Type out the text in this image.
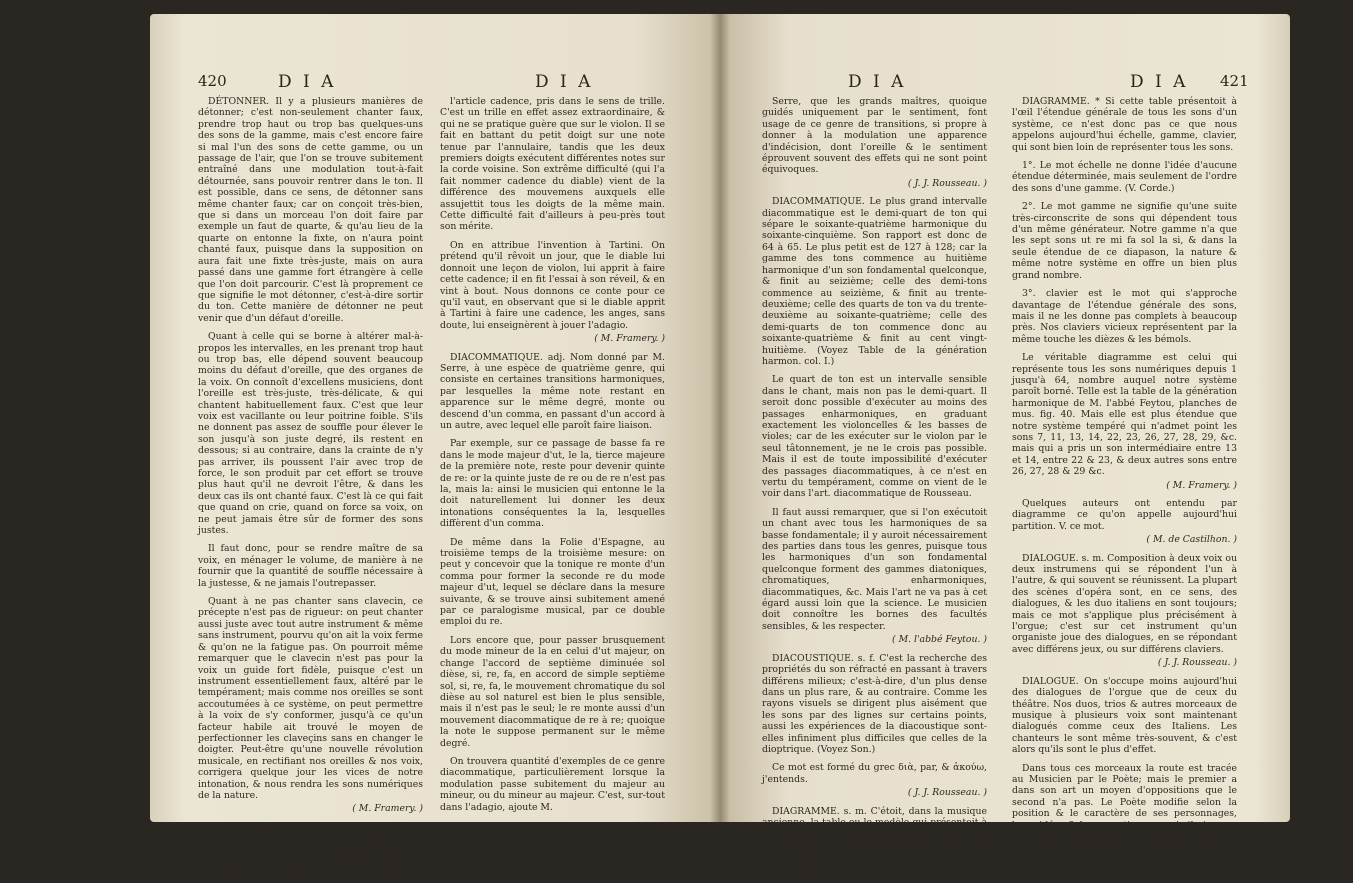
420	D I A	D I A

DÉTONNER. Il y a plusieurs manières de détonner; c'est non-seulement chanter faux, prendre trop haut ou trop bas quelques-uns des sons de la gamme, mais c'est encore faire si mal l'un des sons de cette gamme, ou un passage de l'air, que l'on se trouve subitement entraîné dans une modulation tout-à-fait détournée, sans pouvoir rentrer dans le ton. Il est possible, dans ce sens, de détonner sans même chanter faux; car on conçoit très-bien, que si dans un morceau l'on doit faire par exemple un faut de quarte, & qu'au lieu de la quarte on entonne la fixte, on n'aura point chanté faux, puisque dans la supposition on aura fait une fixte très-juste, mais on aura passé dans une gamme fort étrangère à celle que l'on doit parcourir. C'est là proprement ce que signifie le mot détonner, c'est-à-dire sortir du ton. Cette manière de détonner ne peut venir que d'un défaut d'oreille.

Quant à celle qui se borne à altérer mal-à-propos les intervalles, en les prenant trop haut ou trop bas, elle dépend souvent beaucoup moins du défaut d'oreille, que des organes de la voix. On connoît d'excellens musiciens, dont l'oreille est très-juste, très-délicate, & qui chantent habituellement faux. C'est que leur voix est vacillante ou leur poitrine foible. S'ils ne donnent pas assez de souffle pour élever le son jusqu'à son juste degré, ils restent en dessous; si au contraire, dans la crainte de n'y pas arriver, ils poussent l'air avec trop de force, le son produit par cet effort se trouve plus haut qu'il ne devroit l'être, & dans les deux cas ils ont chanté faux. C'est là ce qui fait que quand on crie, quand on force sa voix, on ne peut jamais être sûr de former des sons justes.

Il faut donc, pour se rendre maître de sa voix, en ménager le volume, de manière à ne fournir que la quantité de souffle nécessaire à la justesse, & ne jamais l'outrepasser.

Quant à ne pas chanter sans clavecin, ce précepte n'est pas de rigueur: on peut chanter aussi juste avec tout autre instrument & même sans instrument, pourvu qu'on ait la voix ferme & qu'on ne la fatigue pas. On pourroit même remarquer que le clavecin n'est pas pour la voix un guide fort fidèle, puisque c'est un instrument essentiellement faux, altéré par le tempérament; mais comme nos oreilles se sont accoutumées à ce système, on peut permettre à la voix de s'y conformer, jusqu'à ce qu'un facteur habile ait trouvé le moyen de perfectionner les claveçins sans en changer le doigter. Peut-être qu'une nouvelle révolution musicale, en rectifiant nos oreilles & nos voix, corrigera quelque jour les vices de notre intonation, & nous rendra les sons numériques de la nature.

( M. Framery. )

DEUX-QUARTS. Mesure qui contient deux noires, qui se marque 2/4. (Voyez Mesure.)

( M. de Castilhon. )

DIABLE. (Cadence du) Ce mot a été oublié à

l'article cadence, pris dans le sens de trille. C'est un trille en effet assez extraordinaire, & qui ne se pratique guère que sur le violon. Il se fait en battant du petit doigt sur une note tenue par l'annulaire, tandis que les deux premiers doigts exécutent différentes notes sur la corde voisine. Son extrême difficulté (qui l'a fait nommer cadence du diable) vient de la différence des mouvemens auxquels elle assujettit tous les doigts de la même main. Cette difficulté fait d'ailleurs à peu-près tout son mérite.

On en attribue l'invention à Tartini. On prétend qu'il rêvoit un jour, que le diable lui donnoit une leçon de violon, lui apprit à faire cette cadence; il en fit l'essai à son réveil, & en vint à bout. Nous donnons ce conte pour ce qu'il vaut, en observant que si le diable apprit à Tartini à faire une cadence, les anges, sans doute, lui enseignèrent à jouer l'adagio.

( M. Framery. )

DIACOMMATIQUE. adj. Nom donné par M. Serre, à une espèce de quatrième genre, qui consiste en certaines transitions harmoniques, par lesquelles la même note restant en apparence sur le même degré, monte ou descend d'un comma, en passant d'un accord à un autre, avec lequel elle paroît faire liaison.

Par exemple, sur ce passage de basse fa re dans le mode majeur d'ut, le la, tierce majeure de la première note, reste pour devenir quinte de re: or la quinte juste de re ou de re n'est pas la, mais la: ainsi le musicien qui entonne le la doit naturellement lui donner les deux intonations conséquentes la la, lesquelles diffèrent d'un comma.

De même dans la Folie d'Espagne, au troisième temps de la troisième mesure: on peut y concevoir que la tonique re monte d'un comma pour former la seconde re du mode majeur d'ut, lequel se déclare dans la mesure suivante, & se trouve ainsi subitement amené par ce paralogisme musical, par ce double emploi du re.

Lors encore que, pour passer brusquement du mode mineur de la en celui d'ut majeur, on change l'accord de septième diminuée sol dièse, si, re, fa, en accord de simple septième sol, si, re, fa, le mouvement chromatique du sol dièse au sol naturel est bien le plus sensible, mais il n'est pas le seul; le re monte aussi d'un mouvement diacommatique de re à re; quoique la note le suppose permanent sur le même degré.

On trouvera quantité d'exemples de ce genre diacommatique, particulièrement lorsque la modulation passe subitement du majeur au mineur, ou du mineur au majeur. C'est, sur-tout dans l'adagio, ajoute M.

D I A	D I A 421

Serre, que les grands maîtres, quoique guidés uniquement par le sentiment, font usage de ce genre de transitions, si propre à donner à la modulation une apparence d'indécision, dont l'oreille & le sentiment éprouvent souvent des effets qui ne sont point équivoques.

( J. J. Rousseau. )

DIACOMMATIQUE. Le plus grand intervalle diacommatique est le demi-quart de ton qui sépare le soixante-quatrième harmonique du soixante-cinquième. Son rapport est donc de 64 à 65. Le plus petit est de 127 à 128; car la gamme des tons commence au huitième harmonique d'un son fondamental quelconque, & finit au seizième; celle des demi-tons commence au seizième, & finit au trente-deuxième; celle des quarts de ton va du trente-deuxième au soixante-quatrième; celle des demi-quarts de ton commence donc au soixante-quatrième & finit au cent vingt-huitième. (Voyez Table de la génération harmon. col. I.)

Le quart de ton est un intervalle sensible dans le chant, mais non pas le demi-quart. Il seroit donc possible d'exécuter au moins des passages enharmoniques, en graduant exactement les violoncelles & les basses de violes; car de les exécuter sur le violon par le seul tâtonnement, je ne le crois pas possible. Mais il est de toute impossibilité d'exécuter des passages diacommatiques, à ce n'est en vertu du tempérament, comme on vient de le voir dans l'art. diacommatique de Rousseau.

Il faut aussi remarquer, que si l'on exécutoit un chant avec tous les harmoniques de sa basse fondamentale; il y auroit nécessairement des parties dans tous les genres, puisque tous les harmoniques d'un son fondamental quelconque forment des gammes diatoniques, chromatiques, enharmoniques, diacommatiques, &c. Mais l'art ne va pas à cet égard aussi loin que la science. Le musicien doit connoître les bornes des facultés sensibles, & les respecter.

( M. l'abbé Feytou. )

DIACOUSTIQUE. s. f. C'est la recherche des propriétés du son réfracté en passant à travers différens milieux; c'est-à-dire, d'un plus dense dans un plus rare, & au contraire. Comme les rayons visuels se dirigent plus aisément que les sons par des lignes sur certains points, aussi les expériences de la diacoustique sont-elles infiniment plus difficiles que celles de la dioptrique. (Voyez Son.)

Ce mot est formé du grec διὰ, par, & ἀκούω, j'entends.

( J. J. Rousseau. )

DIAGRAMME. s. m. C'étoit, dans la musique ancienne, la table ou le modèle qui présentoit à l'œil l'étendue générale de tous les sons d'un système, ou ce que nous appelons aujourd'hui échelle, gamme, clavier. (Voyez ces mots.) ( J. J. Rousseau. )

DIAGRAMME. * Si cette table présentoit à l'œil l'étendue générale de tous les sons d'un système, ce n'est donc pas ce que nous appelons aujourd'hui échelle, gamme, clavier, qui sont bien loin de représenter tous les sons.

1°. Le mot échelle ne donne l'idée d'aucune étendue déterminée, mais seulement de l'ordre des sons d'une gamme. (V. Corde.)

2°. Le mot gamme ne signifie qu'une suite très-circonscrite de sons qui dépendent tous d'un même générateur. Notre gamme n'a que les sept sons ut re mi fa sol la si, & dans la seule étendue de ce diapason, la nature & même notre système en offre un bien plus grand nombre.

3°. clavier est le mot qui s'approche davantage de l'étendue générale des sons, mais il ne les donne pas complets à beaucoup près. Nos claviers vicieux représentent par la même touche les dièzes & les bémols.

Le véritable diagramme est celui qui représente tous les sons numériques depuis 1 jusqu'à 64, nombre auquel notre système paroît borné. Telle est la table de la génération harmonique de M. l'abbé Feytou, planches de mus. fig. 40. Mais elle est plus étendue que notre système tempéré qui n'admet point les sons 7, 11, 13, 14, 22, 23, 26, 27, 28, 29, &c. mais qui a pris un son intermédiaire entre 13 et 14, entre 22 & 23, & deux autres sons entre 26, 27, 28 & 29 &c.

( M. Framery. )

Quelques auteurs ont entendu par diagramme ce qu'on appelle aujourd'hui partition. V. ce mot.

( M. de Castilhon. )

DIALOGUE. s. m. Composition à deux voix ou deux instrumens qui se répondent l'un à l'autre, & qui souvent se réunissent. La plupart des scènes d'opéra sont, en ce sens, des dialogues, & les duo italiens en sont toujours; mais ce mot s'applique plus précisément à l'orgue; c'est sur cet instrument qu'un organiste joue des dialogues, en se répondant avec différens jeux, ou sur différens claviers.

( J. J. Rousseau. )

DIALOGUE. On s'occupe moins aujourd'hui des dialogues de l'orgue que de ceux du théâtre. Nos duos, trios & autres morceaux de musique à plusieurs voix sont maintenant dialogués comme ceux des Italiens. Les chanteurs le sont même très-souvent, & c'est alors qu'ils sont le plus d'effet.

Dans tous ces morceaux la route est tracée au Musicien par le Poète; mais le premier a dans son art un moyen d'oppositions que le second n'a pas. Le Poète modifie selon la position & le caractère de ses personnages, leurs idées & leurs sentimens, mais il n'a pour les exprimer que le même langage: il n'en est pas ainsi du Musicien qui, au moyen de son orchestre parle
